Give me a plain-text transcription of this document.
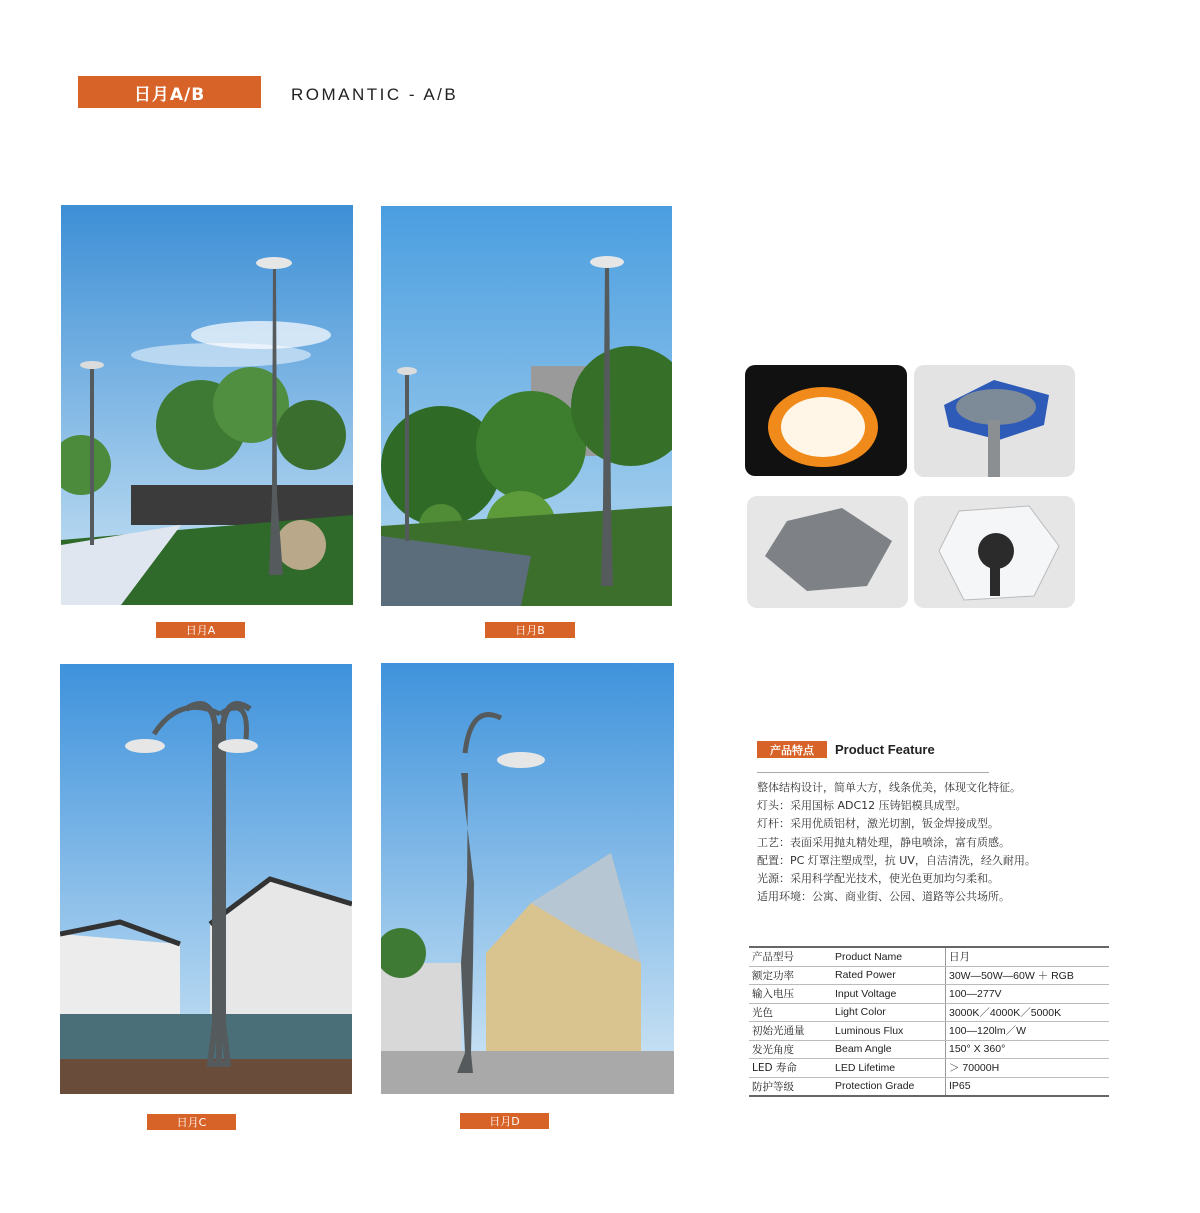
日月A/B	ROMANTIC - A/B
日月A	日月B
日月C	日月D
产品特点	Product Feature
整体结构设计，简单大方，线条优美，体现文化特征。
灯头：采用国标 ADC12 压铸铝模具成型。
灯杆：采用优质铝材，激光切割，钣金焊接成型。
工艺：表面采用抛丸精处理，静电喷涂，富有质感。
配置：PC 灯罩注塑成型，抗 UV，自洁清洗，经久耐用。
光源：采用科学配光技术，使光色更加均匀柔和。
适用环境：公寓、商业街、公园、道路等公共场所。
产品型号	Product Name	日月
额定功率	Rated Power	30W—50W—60W ＋ RGB
输入电压	Input Voltage	100—277V
光色	Light Color	3000K／4000K／5000K
初始光通量	Luminous Flux	100—120lm／W
发光角度	Beam Angle	150° X 360°
LED 寿命	LED Lifetime	＞ 70000H
防护等级	Protection Grade	IP65
